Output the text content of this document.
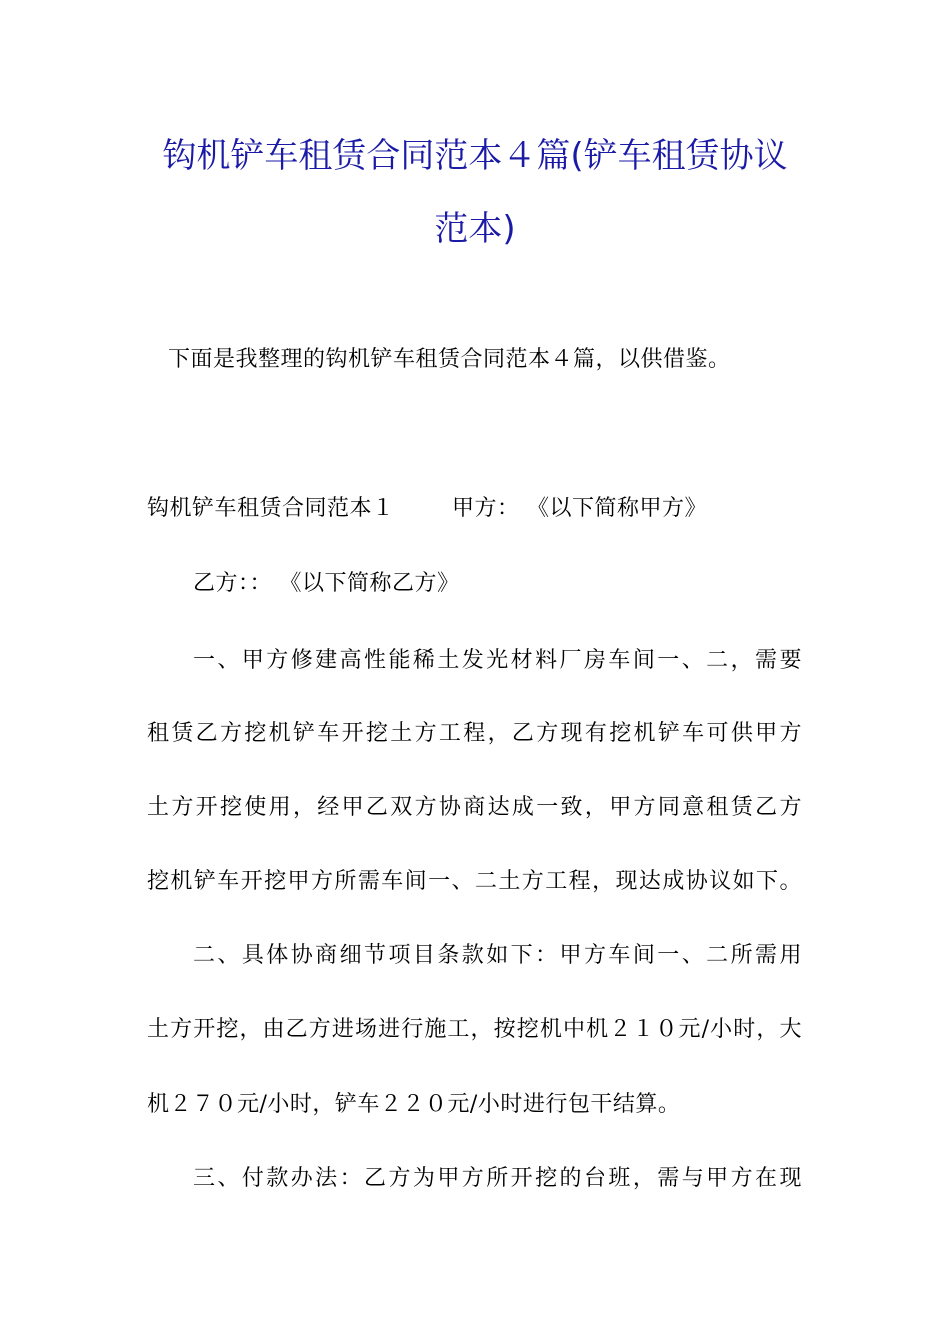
钩机铲车租赁合同范本４篇(铲车租赁协议
范本)
下面是我整理的钩机铲车租赁合同范本４篇，以供借鉴。
钩机铲车租赁合同范本１	甲方： 《以下简称甲方》
乙方：： 《以下简称乙方》
一、甲方修建高性能稀土发光材料厂房车间一、二，需要
租赁乙方挖机铲车开挖土方工程，乙方现有挖机铲车可供甲方
土方开挖使用，经甲乙双方协商达成一致，甲方同意租赁乙方
挖机铲车开挖甲方所需车间一、二土方工程，现达成协议如下。
二、具体协商细节项目条款如下：甲方车间一、二所需用
土方开挖，由乙方进场进行施工，按挖机中机２１０元/小时，大
机２７０元/小时，铲车２２０元/小时进行包干结算。
三、付款办法：乙方为甲方所开挖的台班，需与甲方在现
